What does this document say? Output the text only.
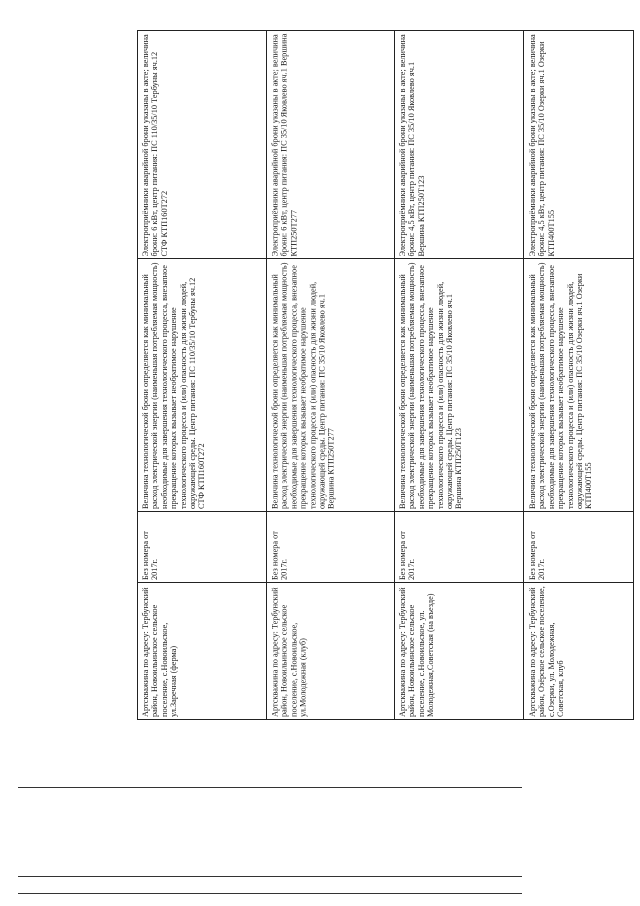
Электроприёмники аварийной брони указаны в акте; величина брони: 6 кВт, центр питания: ПС 110/35/10 Тербуны яч.12 СТФ КТП160Т272
Величина технологической брони определяется как минимальный расход электрической энергии (наименьшая потребляемая мощность) необходимые для завершения технологического процесса, внезапное прекращение которых вызывает необратимое нарушение технологического процесса и (или) опасность для жизни людей, окружающей среды. Центр питания: ПС 110/35/10 Тербуны яч.12 СТФ КТП160Т272
Без номера от 2017г.
Артскважина по адресу: Тербунский район, Новоильинское сельское поселение, с.Новоильское, ул.Заречная (ферма)
Электроприёмники аварийной брони указаны в акте; величина брони: 6 кВт, центр питания: ПС 35/10 Яковлево яч.1 Вершина КТП250Т277
Величина технологической брони определяется как минимальный расход электрической энергии (наименьшая потребляемая мощность) необходимые для завершения технологического процесса, внезапное прекращение которых вызывает необратимое нарушение технологического процесса и (или) опасность для жизни людей, окружающей среды. Центр питания: ПС 35/10 Яковлево яч.1 Вершина КТП250Т277
Без номера от 2017г.
Артскважина по адресу: Тербунский район, Новоильинское сельское поселение, с.Новоильское, ул.Молодежная (клуб)
Электроприёмники аварийной брони указаны в акте; величина брони: 4,5 кВт, центр питания: ПС 35/10 Яковлево яч.1 Вершина КТП250Т123
Величина технологической брони определяется как минимальный расход электрической энергии (наименьшая потребляемая мощность) необходимые для завершения технологического процесса, внезапное прекращение которых вызывает необратимое нарушение технологического процесса и (или) опасность для жизни людей, окружающей среды. Центр питания: ПС 35/10 Яковлево яч.1 Вершина КТП250Т123
Без номера от 2017г.
Артскважина по адресу: Тербунский район, Новоильинское сельское поселение, с.Новоильское, ул. Молодежная,Советская (на въезде)
Электроприёмники аварийной брони указаны в акте; величина брони: 4,5 кВт, центр питания: ПС 35/10 Озерки яч.1 Озерки КТП400Т155
Величина технологической брони определяется как минимальный расход электрической энергии (наименьшая потребляемая мощность) необходимые для завершения технологического процесса, внезапное прекращение которых вызывает необратимое нарушение технологического процесса и (или) опасность для жизни людей, окружающей среды. Центр питания: ПС 35/10 Озерки яч.1 Озерки КТП400Т155
Без номера от 2017г.
Артскважина по адресу: Тербунский район, Озёрское сельское поселение, с.Озерки, ул. Молодежная, Советская, клуб
